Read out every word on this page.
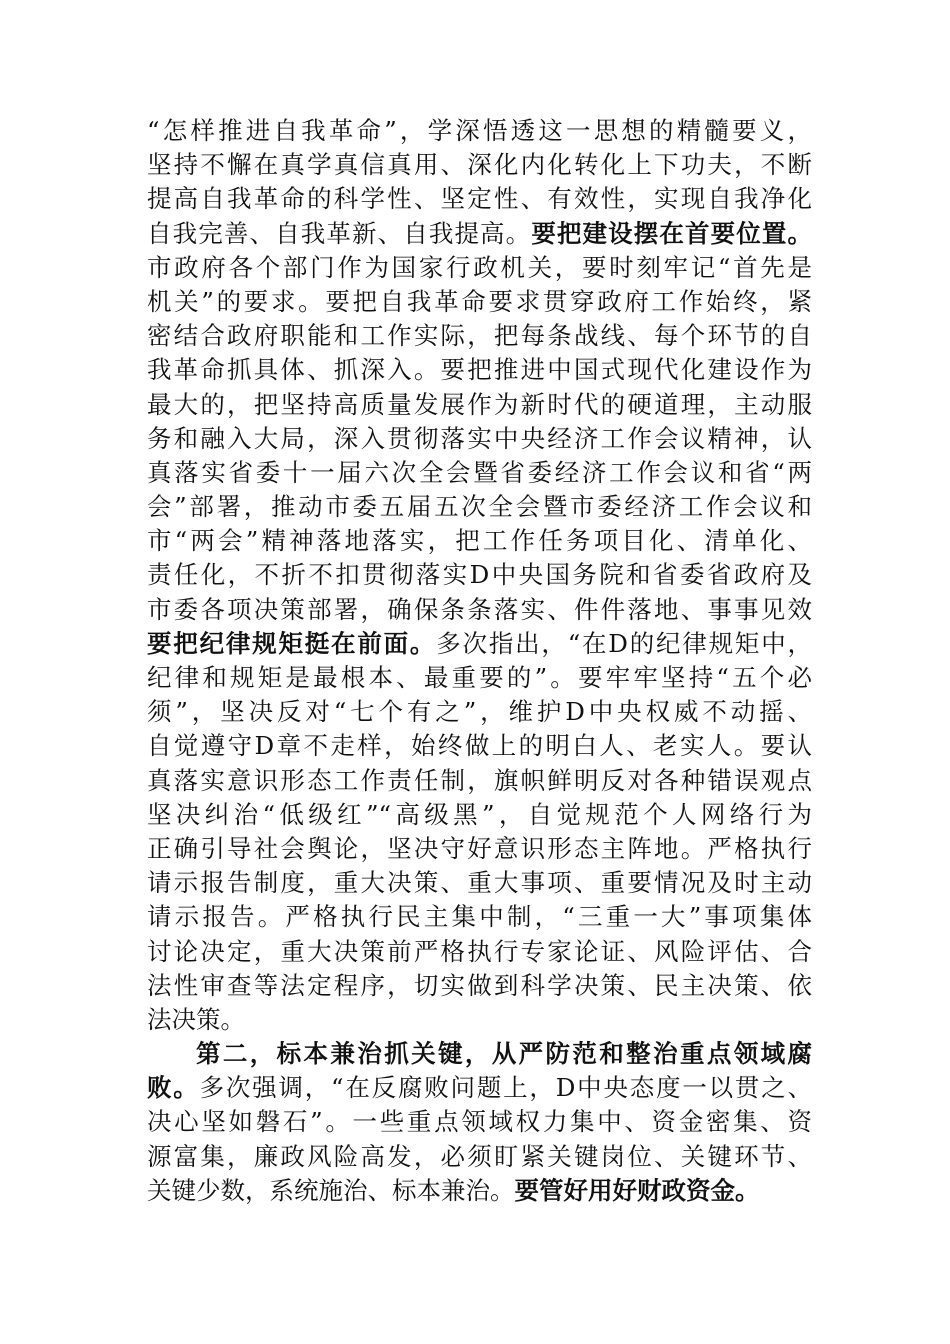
“怎样推进自我革命”，学深悟透这一思想的精髓要义，
坚持不懈在真学真信真用、深化内化转化上下功夫，不断
提高自我革命的科学性、坚定性、有效性，实现自我净化
自我完善、自我革新、自我提高。要把建设摆在首要位置。
市政府各个部门作为国家行政机关，要时刻牢记“首先是
机关”的要求。要把自我革命要求贯穿政府工作始终，紧
密结合政府职能和工作实际，把每条战线、每个环节的自
我革命抓具体、抓深入。要把推进中国式现代化建设作为
最大的，把坚持高质量发展作为新时代的硬道理，主动服
务和融入大局，深入贯彻落实中央经济工作会议精神，认
真落实省委十一届六次全会暨省委经济工作会议和省“两
会”部署，推动市委五届五次全会暨市委经济工作会议和
市“两会”精神落地落实，把工作任务项目化、清单化、
责任化，不折不扣贯彻落实D中央国务院和省委省政府及
市委各项决策部署，确保条条落实、件件落地、事事见效
要把纪律规矩挺在前面。多次指出，“在D的纪律规矩中，
纪律和规矩是最根本、最重要的”。要牢牢坚持“五个必
须”，坚决反对“七个有之”，维护D中央权威不动摇、
自觉遵守D章不走样，始终做上的明白人、老实人。要认
真落实意识形态工作责任制，旗帜鲜明反对各种错误观点
坚决纠治“低级红”“高级黑”，自觉规范个人网络行为
正确引导社会舆论，坚决守好意识形态主阵地。严格执行
请示报告制度，重大决策、重大事项、重要情况及时主动
请示报告。严格执行民主集中制，“三重一大”事项集体
讨论决定，重大决策前严格执行专家论证、风险评估、合
法性审查等法定程序，切实做到科学决策、民主决策、依
法决策。
第二，标本兼治抓关键，从严防范和整治重点领域腐
败。多次强调，“在反腐败问题上，D中央态度一以贯之、
决心坚如磐石”。一些重点领域权力集中、资金密集、资
源富集，廉政风险高发，必须盯紧关键岗位、关键环节、
关键少数，系统施治、标本兼治。要管好用好财政资金。
